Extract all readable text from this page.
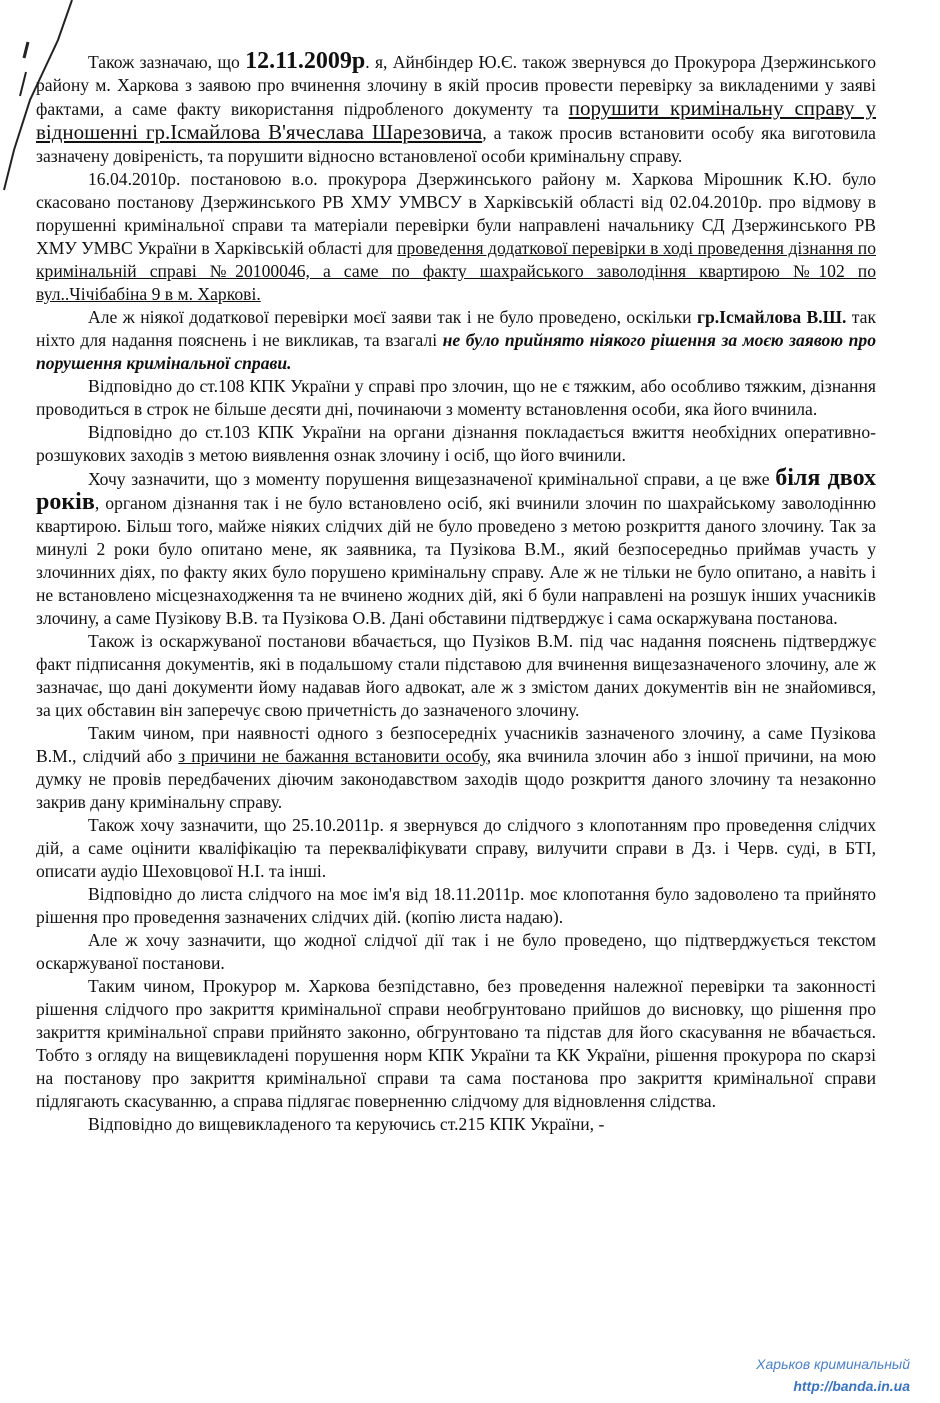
Також зазначаю, що 12.11.2009р. я, Айнбіндер Ю.Є. також звернувся до Прокурора Дзержинського району м. Харкова з заявою про вчинення злочину в якій просив провести перевірку за викладеними у заяві фактами, а саме факту використання підробленого документу та порушити кримінальну справу у відношенні гр.Ісмайлова В'ячеслава Шарезовича, а також просив встановити особу яка виготовила зазначену довіреність, та порушити відносно встановленої особи кримінальну справу.

16.04.2010р. постановою в.о. прокурора Дзержинського району м. Харкова Мірошник К.Ю. було скасовано постанову Дзержинського РВ ХМУ УМВСУ в Харківській області від 02.04.2010р. про відмову в порушенні кримінальної справи та матеріали перевірки були направлені начальнику СД Дзержинського РВ ХМУ УМВС України в Харківській області для проведення додаткової перевірки в ході проведення дізнання по кримінальній справі №20100046, а саме по факту шахрайського заволодіння квартирою №102 по вул..Чічібабіна 9 в м. Харкові.

Але ж ніякої додаткової перевірки моєї заяви так і не було проведено, оскільки гр.Ісмайлова В.Ш. так ніхто для надання пояснень і не викликав, та взагалі не було прийнято ніякого рішення за моєю заявою про порушення кримінальної справи.

Відповідно до ст.108 КПК України у справі про злочин, що не є тяжким, або особливо тяжким, дізнання проводиться в строк не більше десяти дні, починаючи з моменту встановлення особи, яка його вчинила.

Відповідно до ст.103 КПК України на органи дізнання покладається вжиття необхідних оперативно-розшукових заходів з метою виявлення ознак злочину і осіб, що його вчинили.

Хочу зазначити, що з моменту порушення вищезазначеної кримінальної справи, а це вже біля двох років, органом дізнання так і не було встановлено осіб, які вчинили злочин по шахрайському заволодінню квартирою. Більш того, майже ніяких слідчих дій не було проведено з метою розкриття даного злочину. Так за минулі 2 роки було опитано мене, як заявника, та Пузікова В.М., який безпосередньо приймав участь у злочинних діях, по факту яких було порушено кримінальну справу. Але ж не тільки не було опитано, а навіть і не встановлено місцезнаходження та не вчинено жодних дій, які б були направлені на розшук інших учасників злочину, а саме Пузікову В.В. та Пузікова О.В. Дані обставини підтверджує і сама оскаржувана постанова.

Також із оскаржуваної постанови вбачається, що Пузіков В.М. під час надання пояснень підтверджує факт підписання документів, які в подальшому стали підставою для вчинення вищезазначеного злочину, але ж зазначає, що дані документи йому надавав його адвокат, але ж з змістом даних документів він не знайомився, за цих обставин він заперечує свою причетність до зазначеного злочину.

Таким чином, при наявності одного з безпосередніх учасників зазначеного злочину, а саме Пузікова В.М., слідчий або з причини не бажання встановити особу, яка вчинила злочин або з іншої причини, на мою думку не провів передбачених діючим законодавством заходів щодо розкриття даного злочину та незаконно закрив дану кримінальну справу.

Також хочу зазначити, що 25.10.2011р. я звернувся до слідчого з клопотанням про проведення слідчих дій, а саме оцінити кваліфікацію та перекваліфікувати справу, вилучити справи в Дз. і Черв. суді, в БТІ, описати аудіо Шеховцової Н.І. та інші.

Відповідно до листа слідчого на моє ім'я від 18.11.2011р. моє клопотання було задоволено та прийнято рішення про проведення зазначених слідчих дій. (копію листа надаю).

Але ж хочу зазначити, що жодної слідчої дії так і не було проведено, що підтверджується текстом оскаржуваної постанови.

Таким чином, Прокурор м. Харкова безпідставно, без проведення належної перевірки та законності рішення слідчого про закриття кримінальної справи необгрунтовано прийшов до висновку, що рішення про закриття кримінальної справи прийнято законно, обгрунтовано та підстав для його скасування не вбачається. Тобто з огляду на вищевикладені порушення норм КПК України та КК України, рішення прокурора по скарзі на постанову про закриття кримінальної справи та сама постанова про закриття кримінальної справи підлягають скасуванню, а справа підлягає поверненню слідчому для відновлення слідства.

Відповідно до вищевикладеного та керуючись ст.215 КПК України, -

Харьков криминальный
http://banda.in.ua
